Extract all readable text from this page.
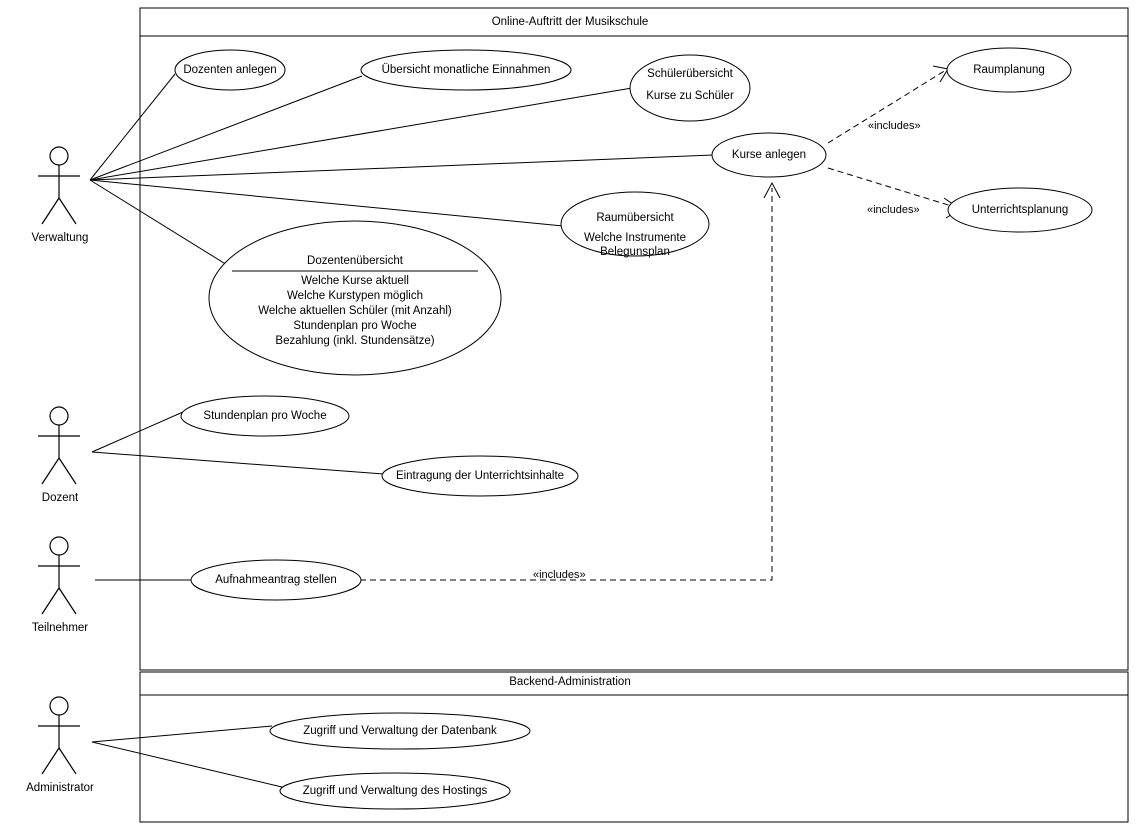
Online-Auftritt der Musikschule
Backend-Administration
Verwaltung
Dozent
Teilnehmer
Administrator
Dozenten anlegen	Übersicht monatliche Einnahmen	Schülerübersicht
Kurse zu Schüler
Kurse anlegen
Raumplanung
Unterrichtsplanung
Raumübersicht
Welche Instrumente
Belegunsplan
Dozentenübersicht
Welche Kurse aktuell
Welche Kurstypen möglich
Welche aktuellen Schüler (mit Anzahl)
Stundenplan pro Woche
Bezahlung (inkl. Stundensätze)
Stundenplan pro Woche
Eintragung der Unterrichtsinhalte
Aufnahmeantrag stellen
Zugriff und Verwaltung der Datenbank
Zugriff und Verwaltung des Hostings
«includes»
«includes»
«includes»
